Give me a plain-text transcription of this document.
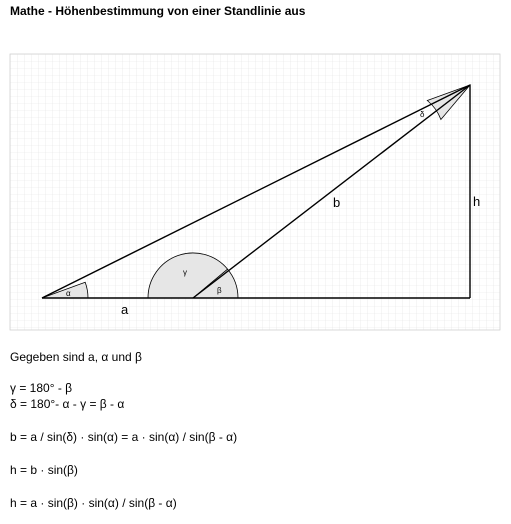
Mathe - Höhenbestimmung von einer Standlinie aus
α
γ
β
δ
a
b	h
Gegeben sind a, α und β
γ = 180° - β
δ = 180°- α - γ = β - α
b = a / sin(δ) · sin(α) = a · sin(α) / sin(β - α)
h = b · sin(β)
h = a · sin(β) · sin(α) / sin(β - α)
